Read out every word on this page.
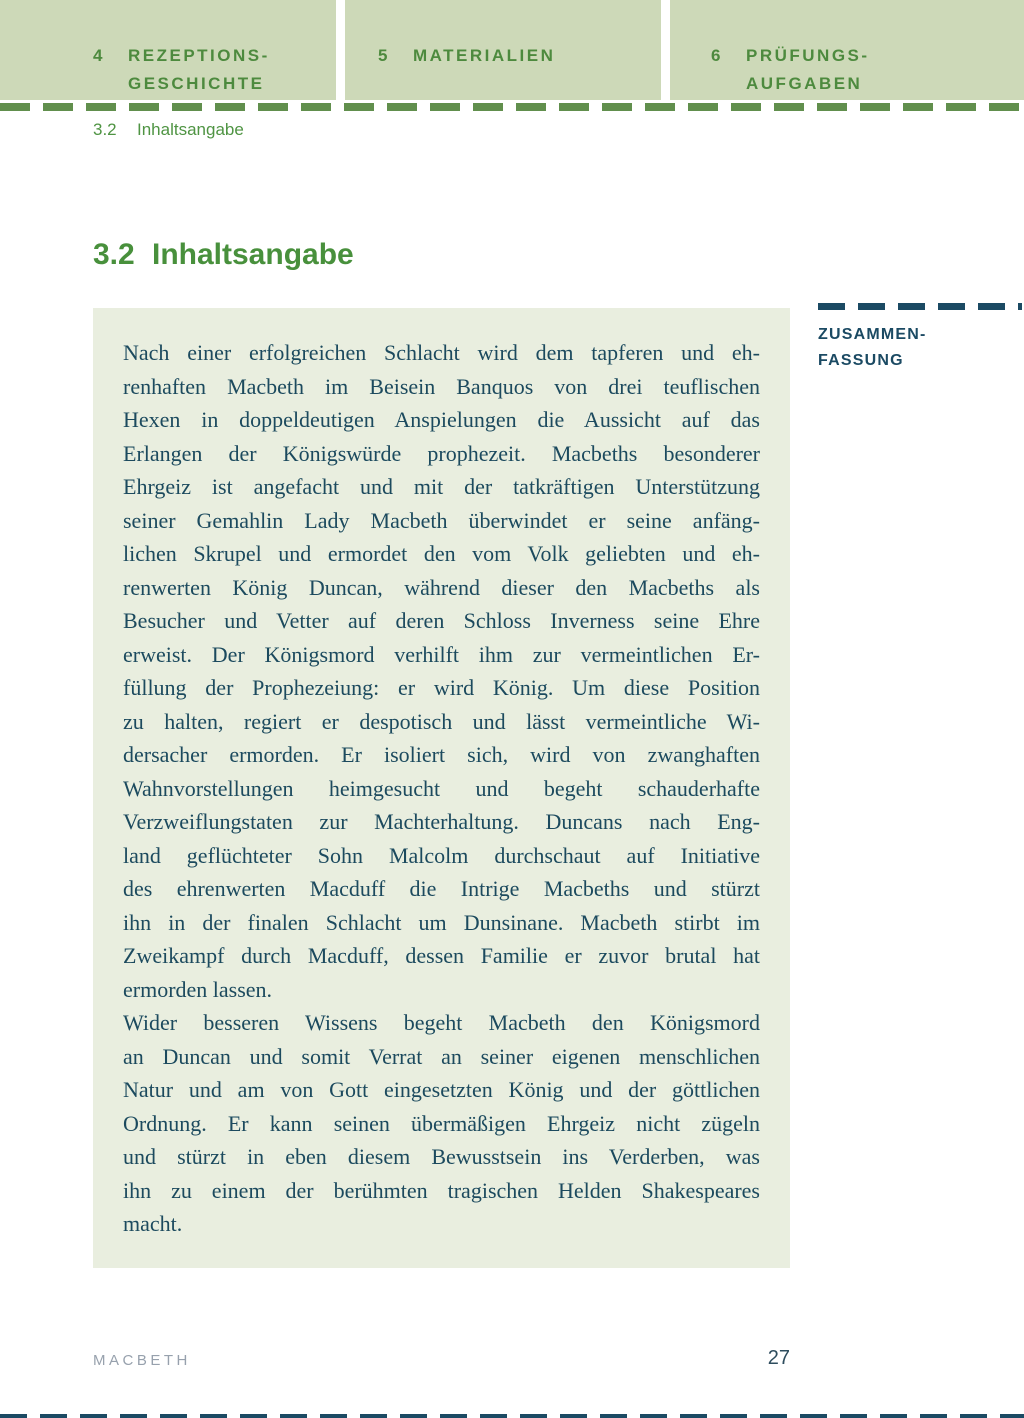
4 REZEPTIONS-
GESCHICHTE
5 MATERIALIEN	6 PRÜFUNGS-
AUFGABEN
3.2 Inhaltsangabe
3.2 Inhaltsangabe
Nach einer erfolgreichen Schlacht wird dem tapferen und eh-
renhaften Macbeth im Beisein Banquos von drei teuflischen
Hexen in doppeldeutigen Anspielungen die Aussicht auf das
Erlangen der Königswürde prophezeit. Macbeths besonderer
Ehrgeiz ist angefacht und mit der tatkräftigen Unterstützung
seiner Gemahlin Lady Macbeth überwindet er seine anfäng-
lichen Skrupel und ermordet den vom Volk geliebten und eh-
renwerten König Duncan, während dieser den Macbeths als
Besucher und Vetter auf deren Schloss Inverness seine Ehre
erweist. Der Königsmord verhilft ihm zur vermeintlichen Er-
füllung der Prophezeiung: er wird König. Um diese Position
zu halten, regiert er despotisch und lässt vermeintliche Wi-
dersacher ermorden. Er isoliert sich, wird von zwanghaften
Wahnvorstellungen heimgesucht und begeht schauderhafte
Verzweiflungstaten zur Machterhaltung. Duncans nach Eng-
land geflüchteter Sohn Malcolm durchschaut auf Initiative
des ehrenwerten Macduff die Intrige Macbeths und stürzt
ihn in der finalen Schlacht um Dunsinane. Macbeth stirbt im
Zweikampf durch Macduff, dessen Familie er zuvor brutal hat
ermorden lassen.
Wider besseren Wissens begeht Macbeth den Königsmord
an Duncan und somit Verrat an seiner eigenen menschlichen
Natur und am von Gott eingesetzten König und der göttlichen
Ordnung. Er kann seinen übermäßigen Ehrgeiz nicht zügeln
und stürzt in eben diesem Bewusstsein ins Verderben, was
ihn zu einem der berühmten tragischen Helden Shakespeares
macht.
ZUSAMMEN-
FASSUNG
MACBETH	27
